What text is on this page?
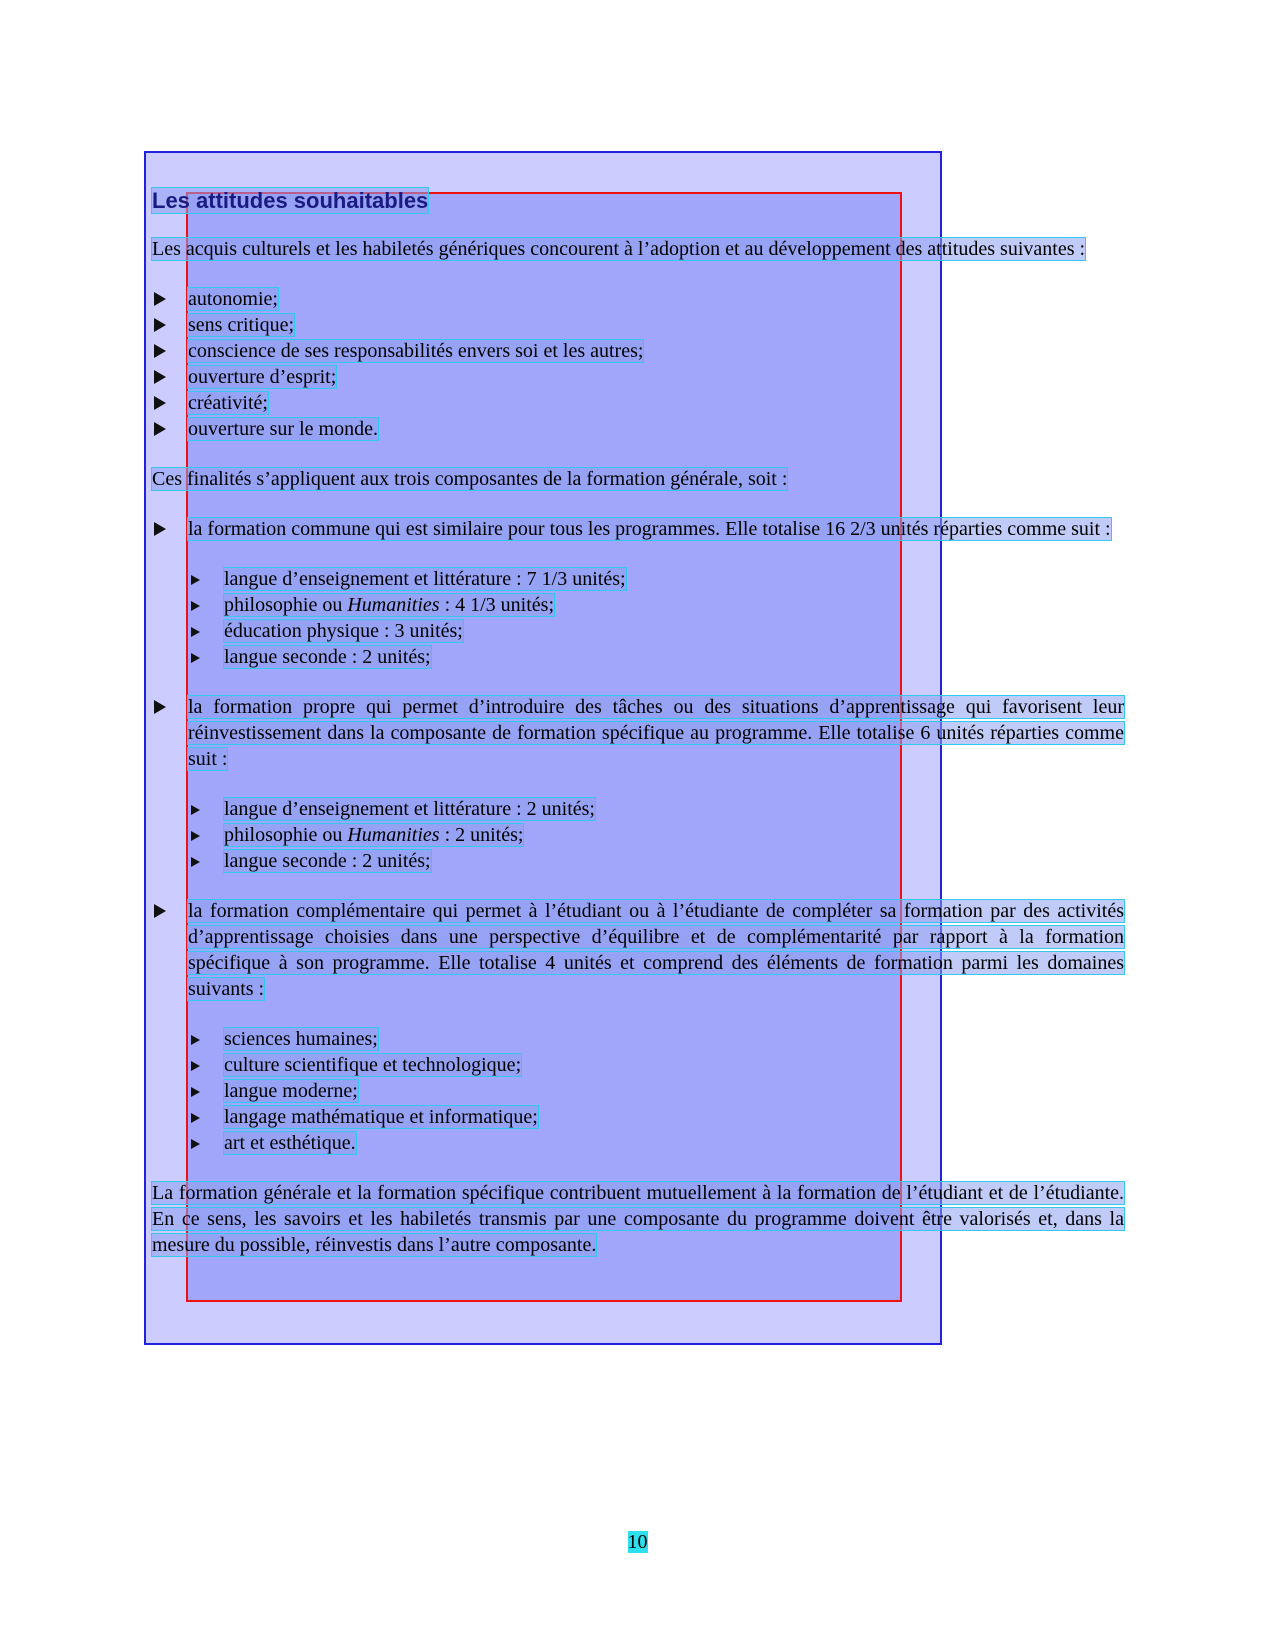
Les attitudes souhaitables

Les acquis culturels et les habiletés génériques concourent à l’adoption et au développement des attitudes suivantes :

autonomie;
sens critique;
conscience de ses responsabilités envers soi et les autres;
ouverture d’esprit;
créativité;
ouverture sur le monde.

Ces finalités s’appliquent aux trois composantes de la formation générale, soit :

la formation commune qui est similaire pour tous les programmes. Elle totalise 16 2/3 unités réparties comme suit :
langue d’enseignement et littérature : 7 1/3 unités;
philosophie ou Humanities : 4 1/3 unités;
éducation physique : 3 unités;
langue seconde : 2 unités;
la formation propre qui permet d’introduire des tâches ou des situations d’apprentissage qui favorisent leur réinvestissement dans la composante de formation spécifique au programme. Elle totalise 6 unités réparties comme suit :
langue d’enseignement et littérature : 2 unités;
philosophie ou Humanities : 2 unités;
langue seconde : 2 unités;
la formation complémentaire qui permet à l’étudiant ou à l’étudiante de compléter sa formation par des activités d’apprentissage choisies dans une perspective d’équilibre et de complémentarité par rapport à la formation spécifique à son programme. Elle totalise 4 unités et comprend des éléments de formation parmi les domaines suivants :
sciences humaines;
culture scientifique et technologique;
langue moderne;
langage mathématique et informatique;
art et esthétique.

La formation générale et la formation spécifique contribuent mutuellement à la formation de l’étudiant et de l’étudiante. En ce sens, les savoirs et les habiletés transmis par une composante du programme doivent être valorisés et, dans la mesure du possible, réinvestis dans l’autre composante.

10
